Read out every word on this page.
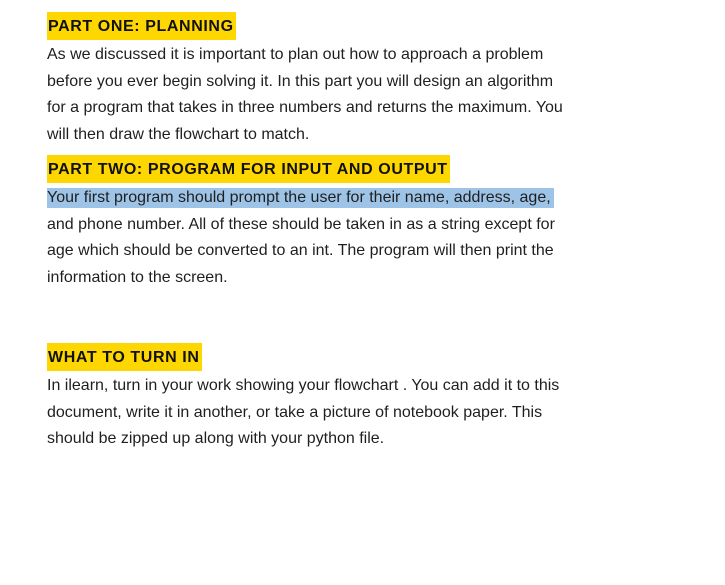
PART ONE: PLANNING
As we discussed it is important to plan out how to approach a problem
before you ever begin solving it. In this part you will design an algorithm
for a program that takes in three numbers and returns the maximum. You
will then draw the flowchart to match.
PART TWO: PROGRAM FOR INPUT AND OUTPUT
Your first program should prompt the user for their name, address, age,
and phone number. All of these should be taken in as a string except for
age which should be converted to an int. The program will then print the
information to the screen.
WHAT TO TURN IN
In ilearn, turn in your work showing your flowchart . You can add it to this
document, write it in another, or take a picture of notebook paper. This
should be zipped up along with your python file.
